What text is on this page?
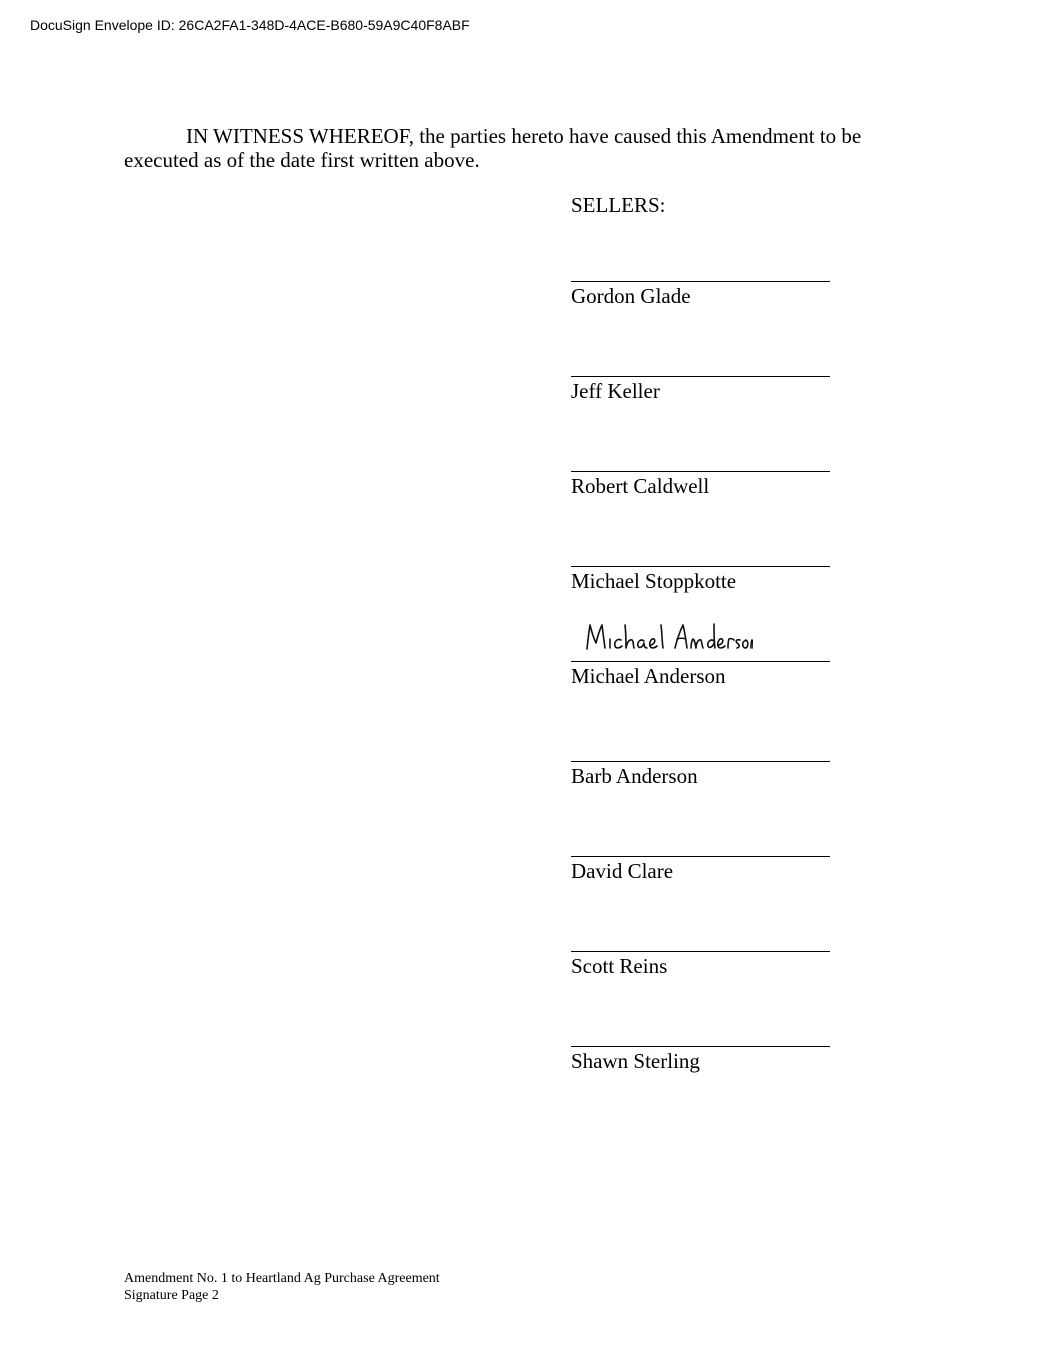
DocuSign Envelope ID: 26CA2FA1-348D-4ACE-B680-59A9C40F8ABF
IN WITNESS WHEREOF, the parties hereto have caused this Amendment to be executed as of the date first written above.
SELLERS:
Gordon Glade
Jeff Keller
Robert Caldwell
Michael Stoppkotte
Michael Anderson
Barb Anderson
David Clare
Scott Reins
Shawn Sterling
Amendment No. 1 to Heartland Ag Purchase Agreement
Signature Page 2
